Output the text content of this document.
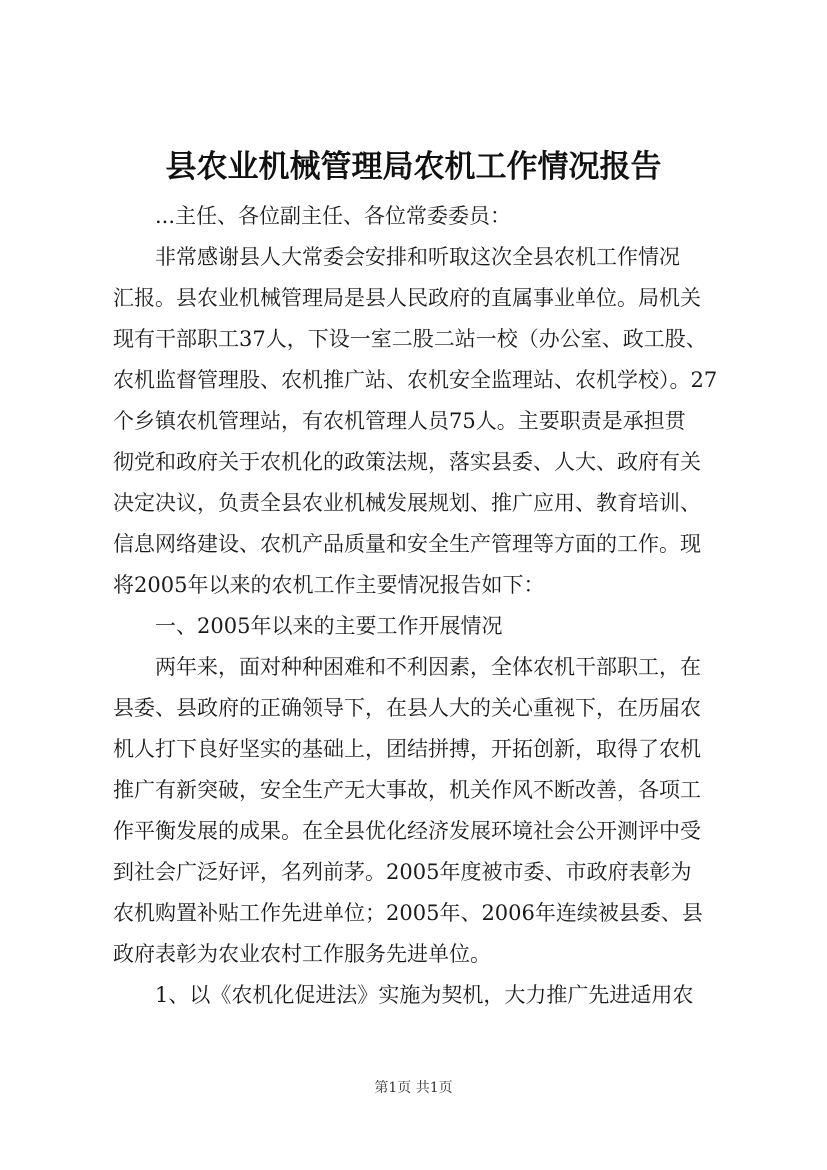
县农业机械管理局农机工作情况报告
...主任、各位副主任、各位常委委员：
非常感谢县人大常委会安排和听取这次全县农机工作情况
汇报。县农业机械管理局是县人民政府的直属事业单位。局机关
现有干部职工37人，下设一室二股二站一校（办公室、政工股、
农机监督管理股、农机推广站、农机安全监理站、农机学校）。27
个乡镇农机管理站，有农机管理人员75人。主要职责是承担贯
彻党和政府关于农机化的政策法规，落实县委、人大、政府有关
决定决议，负责全县农业机械发展规划、推广应用、教育培训、
信息网络建设、农机产品质量和安全生产管理等方面的工作。现
将2005年以来的农机工作主要情况报告如下：
一、2005年以来的主要工作开展情况
两年来，面对种种困难和不利因素，全体农机干部职工，在
县委、县政府的正确领导下，在县人大的关心重视下，在历届农
机人打下良好坚实的基础上，团结拼搏，开拓创新，取得了农机
推广有新突破，安全生产无大事故，机关作风不断改善，各项工
作平衡发展的成果。在全县优化经济发展环境社会公开测评中受
到社会广泛好评，名列前茅。2005年度被市委、市政府表彰为
农机购置补贴工作先进单位；2005年、2006年连续被县委、县
政府表彰为农业农村工作服务先进单位。
1、以《农机化促进法》实施为契机，大力推广先进适用农
第1页 共1页
